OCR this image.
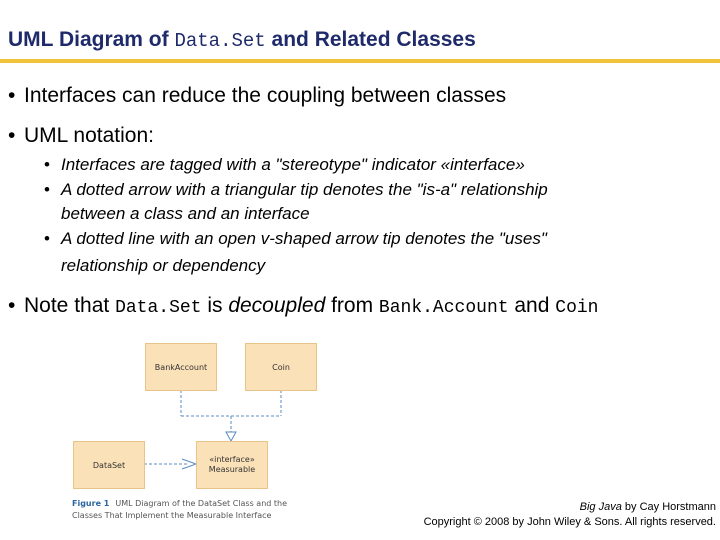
UML Diagram of Data.Set and Related Classes
• Interfaces can reduce the coupling between classes
• UML notation:
• Interfaces are tagged with a "stereotype" indicator «interface»
• A dotted arrow with a triangular tip denotes the "is-a" relationship
between a class and an interface
• A dotted line with an open v-shaped arrow tip denotes the "uses"
relationship or dependency
• Note that Data.Set is decoupled from Bank.Account and Coin
BankAccount	Coin
DataSet
«interface»
Measurable
Figure 1 UML Diagram of the DataSet Class and the
Classes That Implement the Measurable Interface
Big Java by Cay Horstmann
Copyright © 2008 by John Wiley & Sons. All rights reserved.
